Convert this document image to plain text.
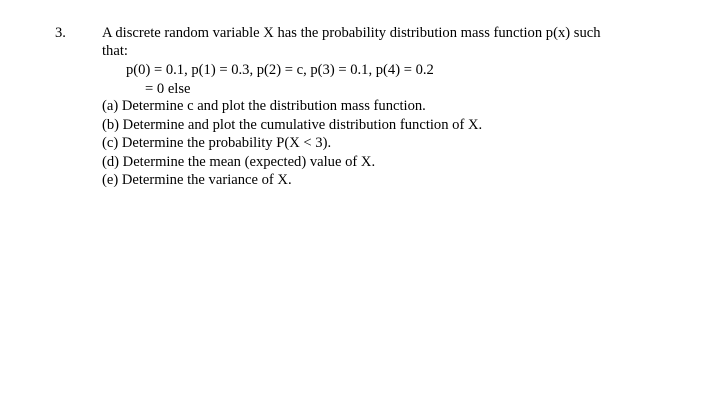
3. A discrete random variable X has the probability distribution mass function p(x) such
that:
p(0) = 0.1, p(1) = 0.3, p(2) = c, p(3) = 0.1, p(4) = 0.2
= 0 else
(a) Determine c and plot the distribution mass function.
(b) Determine and plot the cumulative distribution function of X.
(c) Determine the probability P(X < 3).
(d) Determine the mean (expected) value of X.
(e) Determine the variance of X.
